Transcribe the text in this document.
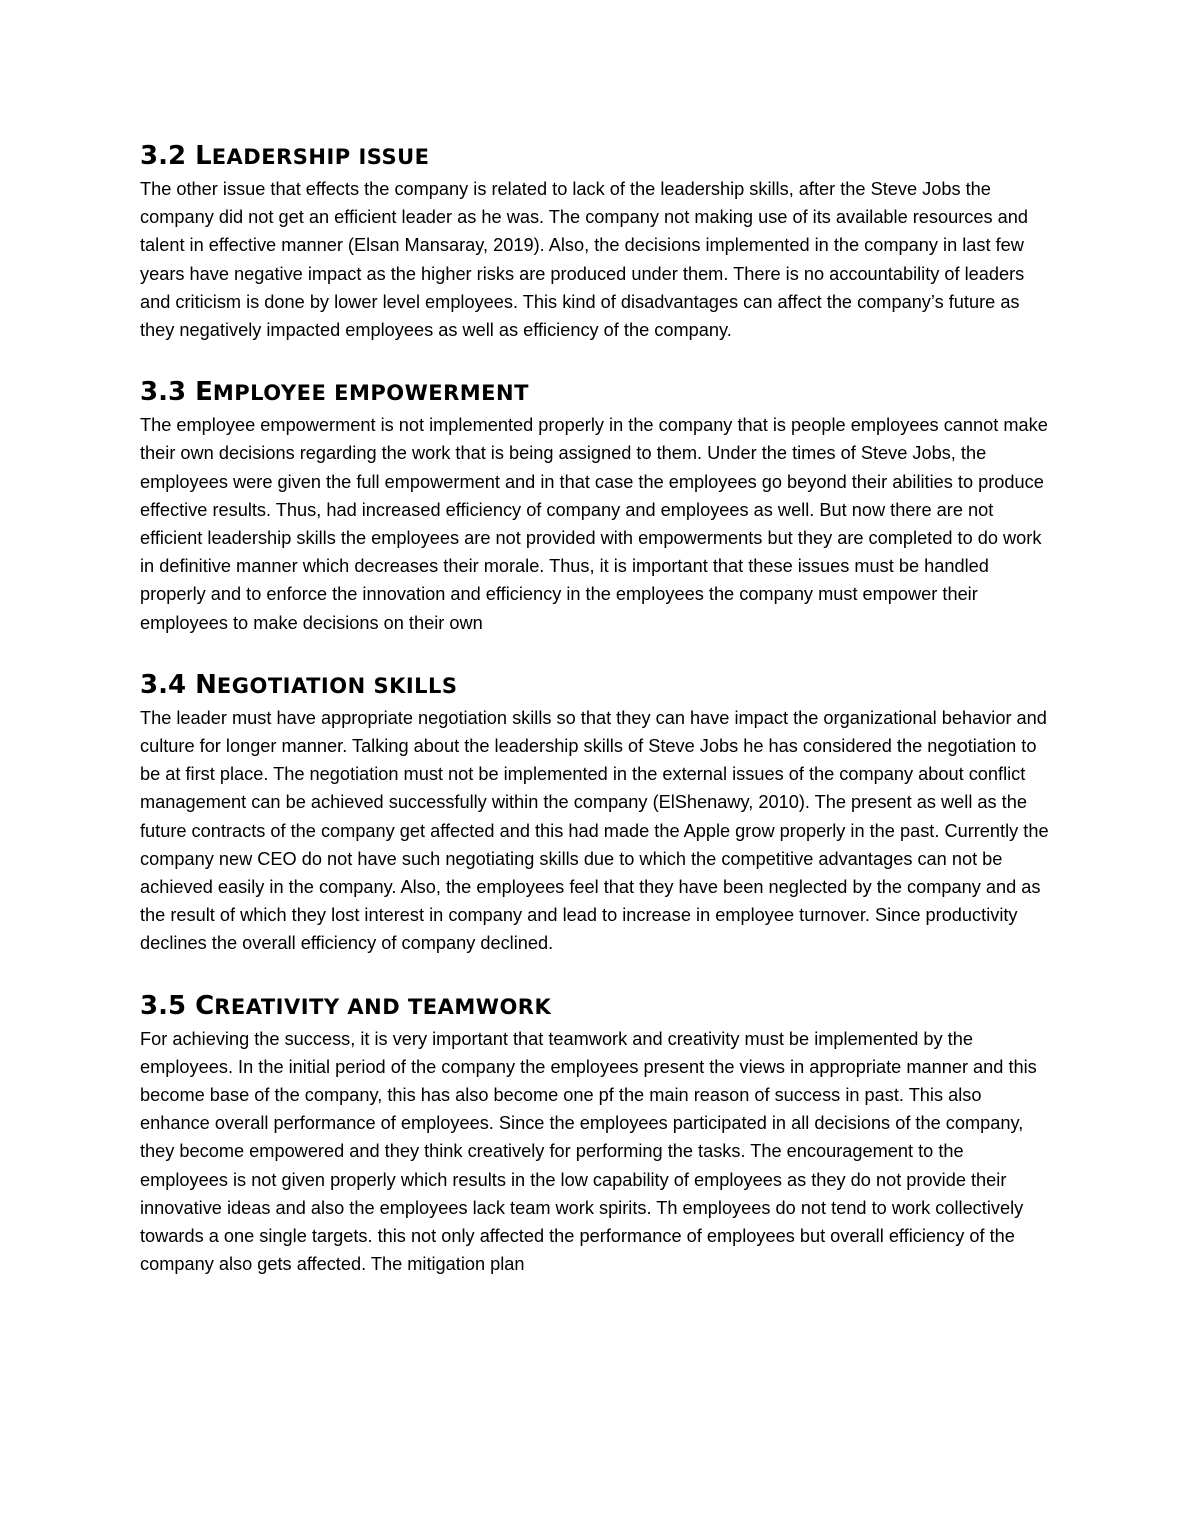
3.2 LEADERSHIP ISSUE

The other issue that effects the company is related to lack of the leadership skills, after the Steve Jobs the company did not get an efficient leader as he was. The company not making use of its available resources and talent in effective manner (Elsan Mansaray, 2019). Also, the decisions implemented in the company in last few years have negative impact as the higher risks are produced under them. There is no accountability of leaders and criticism is done by lower level employees. This kind of disadvantages can affect the company’s future as they negatively impacted employees as well as efficiency of the company.

3.3 EMPLOYEE EMPOWERMENT

The employee empowerment is not implemented properly in the company that is people employees cannot make their own decisions regarding the work that is being assigned to them. Under the times of Steve Jobs, the employees were given the full empowerment and in that case the employees go beyond their abilities to produce effective results. Thus, had increased efficiency of company and employees as well. But now there are not efficient leadership skills the employees are not provided with empowerments but they are completed to do work in definitive manner which decreases their morale. Thus, it is important that these issues must be handled properly and to enforce the innovation and efficiency in the employees the company must empower their employees to make decisions on their own

3.4 NEGOTIATION SKILLS

The leader must have appropriate negotiation skills so that they can have impact the organizational behavior and culture for longer manner. Talking about the leadership skills of Steve Jobs he has considered the negotiation to be at first place. The negotiation must not be implemented in the external issues of the company about conflict management can be achieved successfully within the company (ElShenawy, 2010). The present as well as the future contracts of the company get affected and this had made the Apple grow properly in the past. Currently the company new CEO do not have such negotiating skills due to which the competitive advantages can not be achieved easily in the company. Also, the employees feel that they have been neglected by the company and as the result of which they lost interest in company and lead to increase in employee turnover. Since productivity declines the overall efficiency of company declined.

3.5 CREATIVITY AND TEAMWORK

For achieving the success, it is very important that teamwork and creativity must be implemented by the employees. In the initial period of the company the employees present the views in appropriate manner and this become base of the company, this has also become one pf the main reason of success in past. This also enhance overall performance of employees. Since the employees participated in all decisions of the company, they become empowered and they think creatively for performing the tasks. The encouragement to the employees is not given properly which results in the low capability of employees as they do not provide their innovative ideas and also the employees lack team work spirits. Th employees do not tend to work collectively towards a one single targets. this not only affected the performance of employees but overall efficiency of the company also gets affected. The mitigation plan
